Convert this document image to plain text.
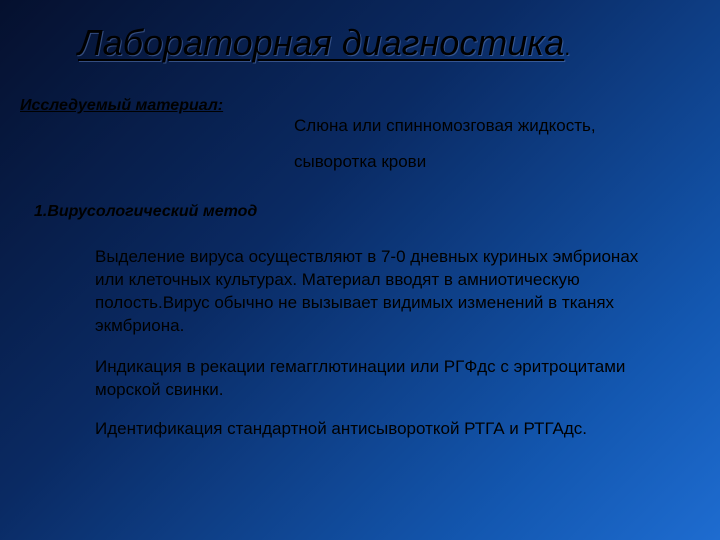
Лабораторная диагностика.
Исследуемый материал:
Слюна или спинномозговая жидкость,
сыворотка крови
1.Вирусологический метод

Выделение вируса осуществляют в 7-0 дневных куриных эмбрионах или клеточных культурах. Материал вводят в амниотическую полость.Вирус обычно не вызывает видимых изменений в тканях экмбриона.

Индикация в рекации гемагглютинации или РГФдс с эритроцитами морской свинки.

Идентификация стандартной антисывороткой РТГА и РТГАдс.
